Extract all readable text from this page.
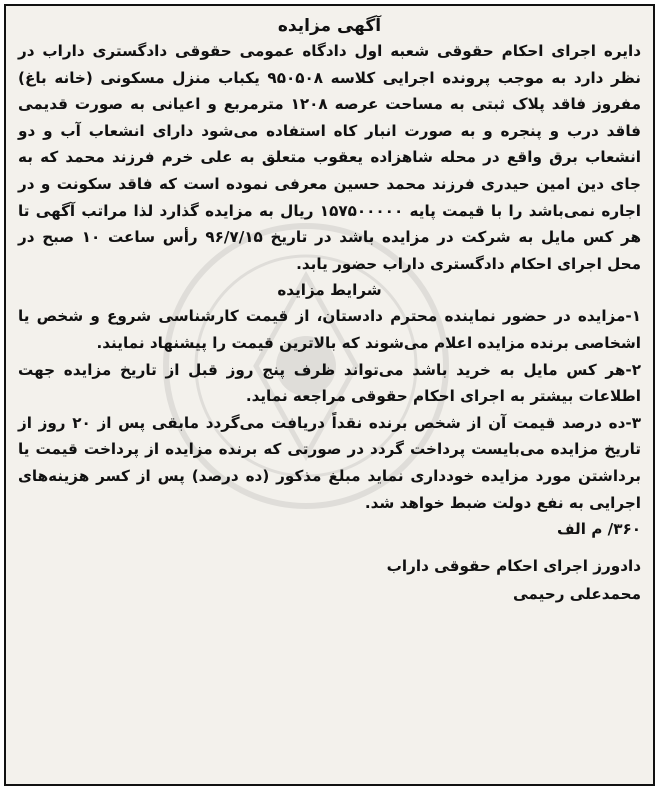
آگهی مزایده

دایره اجرای احکام حقوقی شعبه اول دادگاه عمومی حقوقی دادگستری داراب در نظر دارد به موجب پرونده اجرایی کلاسه ۹۵۰۵۰۸ یکباب منزل مسکونی (خانه باغ) مفروز فاقد پلاک ثبتی به مساحت عرصه ۱۲۰۸ مترمربع و اعیانی به صورت قدیمی فاقد درب و پنجره و به صورت انبار کاه استفاده می‌شود دارای انشعاب آب و دو انشعاب برق واقع در محله شاهزاده یعقوب متعلق به علی خرم فرزند محمد که به جای دین امین حیدری فرزند محمد حسین معرفی نموده است که فاقد سکونت و در اجاره نمی‌باشد را با قیمت پایه ۱۵۷۵۰۰۰۰۰ ریال به مزایده گذارد لذا مراتب آگهی تا هر کس مایل به شرکت در مزایده باشد در تاریخ ۹۶/۷/۱۵ رأس ساعت ۱۰ صبح در محل اجرای احکام دادگستری داراب حضور یابد.

شرایط مزایده

۱-مزایده در حضور نماینده محترم دادستان، از قیمت کارشناسی شروع و شخص یا اشخاصی برنده مزایده اعلام می‌شوند که بالاترین قیمت را پیشنهاد نمایند.

۲-هر کس مایل به خرید باشد می‌تواند ظرف پنج روز قبل از تاریخ مزایده جهت اطلاعات بیشتر به اجرای احکام حقوقی مراجعه نماید.

۳-ده درصد قیمت آن از شخص برنده نقداً دریافت می‌گردد مابقی پس از ۲۰ روز از تاریخ مزایده می‌بایست پرداخت گردد در صورتی که برنده مزایده از پرداخت قیمت یا برداشتن مورد مزایده خودداری نماید مبلغ مذکور (ده درصد) پس از کسر هزینه‌های اجرایی به نفع دولت ضبط خواهد شد.

۳۶۰/ م الف

دادورز اجرای احکام حقوقی داراب

محمدعلی رحیمی
